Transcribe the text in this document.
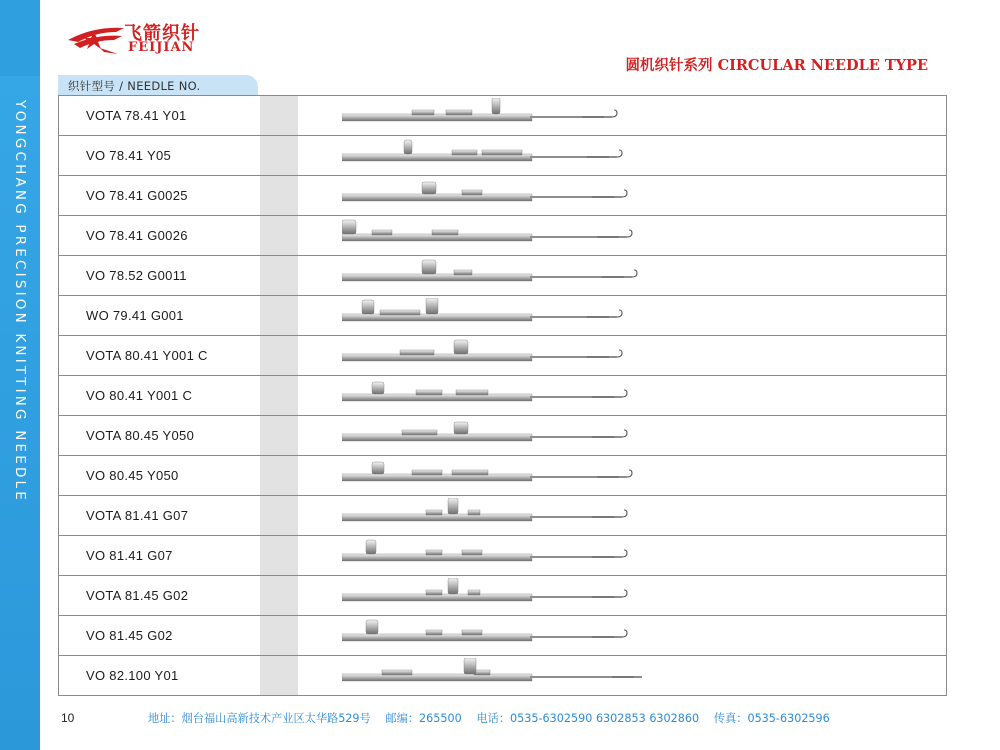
YONGCHANG PRECISION KNITTING NEEDLE
飞箭织针
FEIJIAN
圆机织针系列 CIRCULAR NEEDLE TYPE
织针型号 / NEEDLE NO.
VOTA 78.41 Y01
VO 78.41 Y05
VO 78.41 G0025
VO 78.41 G0026
VO 78.52 G0011
WO 79.41 G001
VOTA 80.41 Y001 C
VO 80.41 Y001 C
VOTA 80.45 Y050
VO 80.45 Y050
VOTA 81.41 G07
VO 81.41 G07
VOTA 81.45 G02
VO 81.45 G02
VO 82.100 Y01
10	地址：烟台福山高新技术产业区太华路529号　 邮编：265500　 电话：0535-6302590 6302853 6302860　 传真：0535-6302596
